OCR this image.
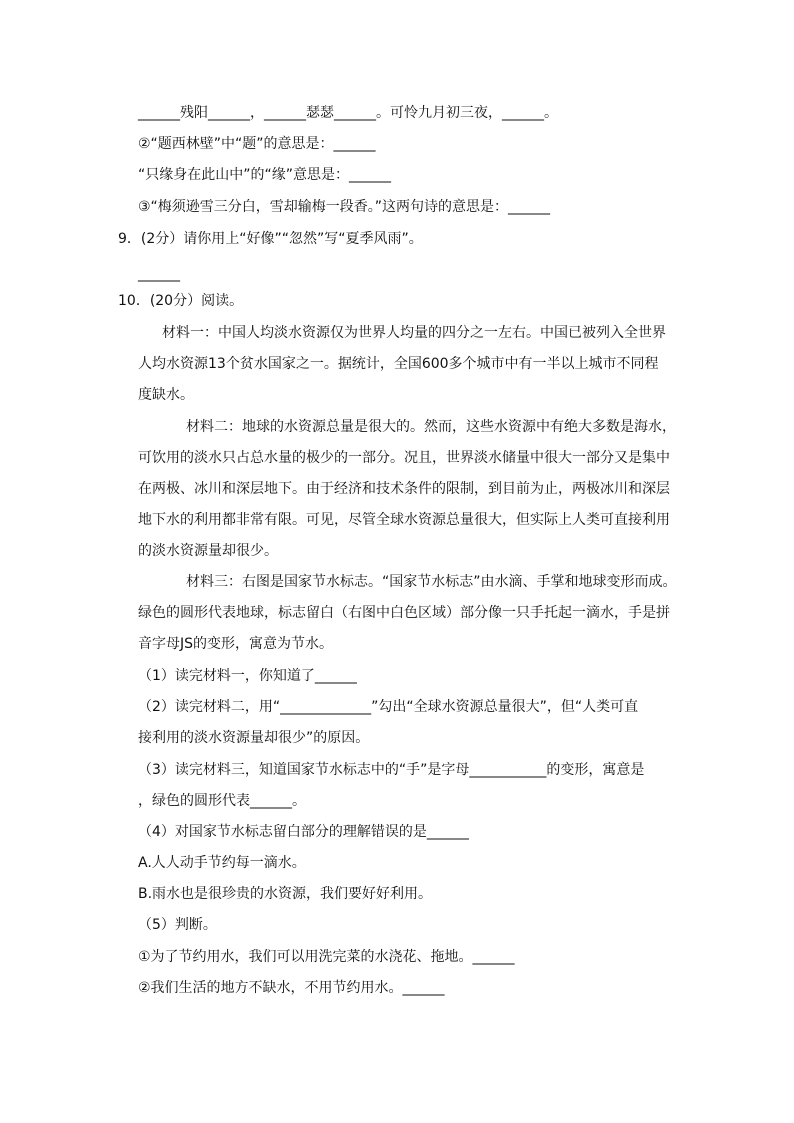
______残阳______，______瑟瑟______。可怜九月初三夜，______。
②“题西林壁”中“题”的意思是：______
“只缘身在此山中”的“缘”意思是：______
③“梅须逊雪三分白，雪却输梅一段香。”这两句诗的意思是：______
9．(2分）请你用上“好像”“忽然”写“夏季风雨”。
______
10．(20分）阅读。
材料一：中国人均淡水资源仅为世界人均量的四分之一左右。中国已被列入全世界
人均水资源13个贫水国家之一。据统计，全国600多个城市中有一半以上城市不同程
度缺水。
材料二：地球的水资源总量是很大的。然而，这些水资源中有绝大多数是海水，
可饮用的淡水只占总水量的极少的一部分。况且，世界淡水储量中很大一部分又是集中
在两极、冰川和深层地下。由于经济和技术条件的限制，到目前为止，两极冰川和深层
地下水的利用都非常有限。可见，尽管全球水资源总量很大，但实际上人类可直接利用
的淡水资源量却很少。
材料三：右图是国家节水标志。“国家节水标志”由水滴、手掌和地球变形而成。
绿色的圆形代表地球，标志留白（右图中白色区域）部分像一只手托起一滴水，手是拼
音字母JS的变形，寓意为节水。
（1）读完材料一，你知道了______
（2）读完材料二，用“_____________”勾出“全球水资源总量很大”，但“人类可直
接利用的淡水资源量却很少”的原因。
（3）读完材料三，知道国家节水标志中的“手”是字母___________的变形，寓意是
，绿色的圆形代表______。
（4）对国家节水标志留白部分的理解错误的是______
A.人人动手节约每一滴水。
B.雨水也是很珍贵的水资源，我们要好好利用。
（5）判断。
①为了节约用水，我们可以用洗完菜的水浇花、拖地。______
②我们生活的地方不缺水，不用节约用水。______
